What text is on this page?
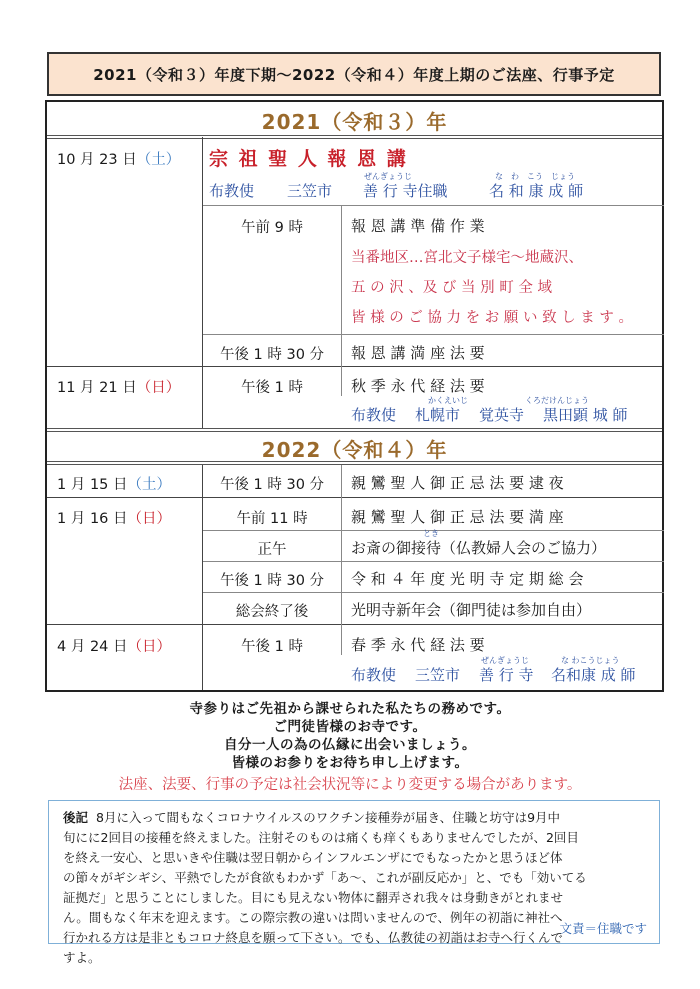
2021（令和３）年度下期〜2022（令和４）年度上期のご法座、行事予定
2021（令和３）年
10 月 23 日（土） 宗 祖 聖 人 報 恩 講
ぜんぎょうじ	な　わ　こう　じょう
布教使 三笠市 善 行 寺住職	名 和 康 成 師
午前 9 時	報 恩 講 準 備 作 業
当番地区…宮北文子様宅〜地蔵沢、
五 の 沢 、及 び 当 別 町 全 域
皆 様 の ご 協 力 を お 願 い 致 し ま す 。
午後 1 時 30 分	報 恩 講 満 座 法 要
11 月 21 日（日）	午後 1 時	秋 季 永 代 経 法 要
かくえいじ	くろだけんじょう
布教使 札幌市 覚英寺 黒田顕 城 師
2022（令和４）年
1 月 15 日（土）	午後 1 時 30 分	親 鸞 聖 人 御 正 忌 法 要 逮 夜
1 月 16 日（日）	午前 11 時	親 鸞 聖 人 御 正 忌 法 要 満 座
とき
正午	お斎の御接待（仏教婦人会のご協力）
午後 1 時 30 分	令 和 ４ 年 度 光 明 寺 定 期 総 会
総会終了後	光明寺新年会（御門徒は参加自由）
4 月 24 日（日）	午後 1 時	春 季 永 代 経 法 要
ぜんぎょうじ	な わこうじょう
布教使 三笠市 善 行 寺 名和康 成 師
寺参りはご先祖から課せられた私たちの務めです。
ご門徒皆様のお寺です。
自分一人の為の仏縁に出会いましょう。
皆様のお参りをお待ち申し上げます。
法座、法要、行事の予定は社会状況等により変更する場合があります。
後記 8月に入って間もなくコロナウイルスのワクチン接種券が届き、住職と坊守は9月中
旬にに2回目の接種を終えました。注射そのものは痛くも痒くもありませんでしたが、2回目
を終え一安心、と思いきや住職は翌日朝からインフルエンザにでもなったかと思うほど体
の節々がギシギシ、平熱でしたが食欲もわかず「あ〜、これが副反応か」と、でも「効いてる
証拠だ」と思うことにしました。目にも見えない物体に翻弄され我々は身動きがとれませ
ん。間もなく年末を迎えます。この際宗教の違いは問いませんので、例年の初詣に神社へ
行かれる方は是非ともコロナ終息を願って下さい。でも、仏教徒の初詣はお寺へ行くんで
すよ。
文責＝住職です
